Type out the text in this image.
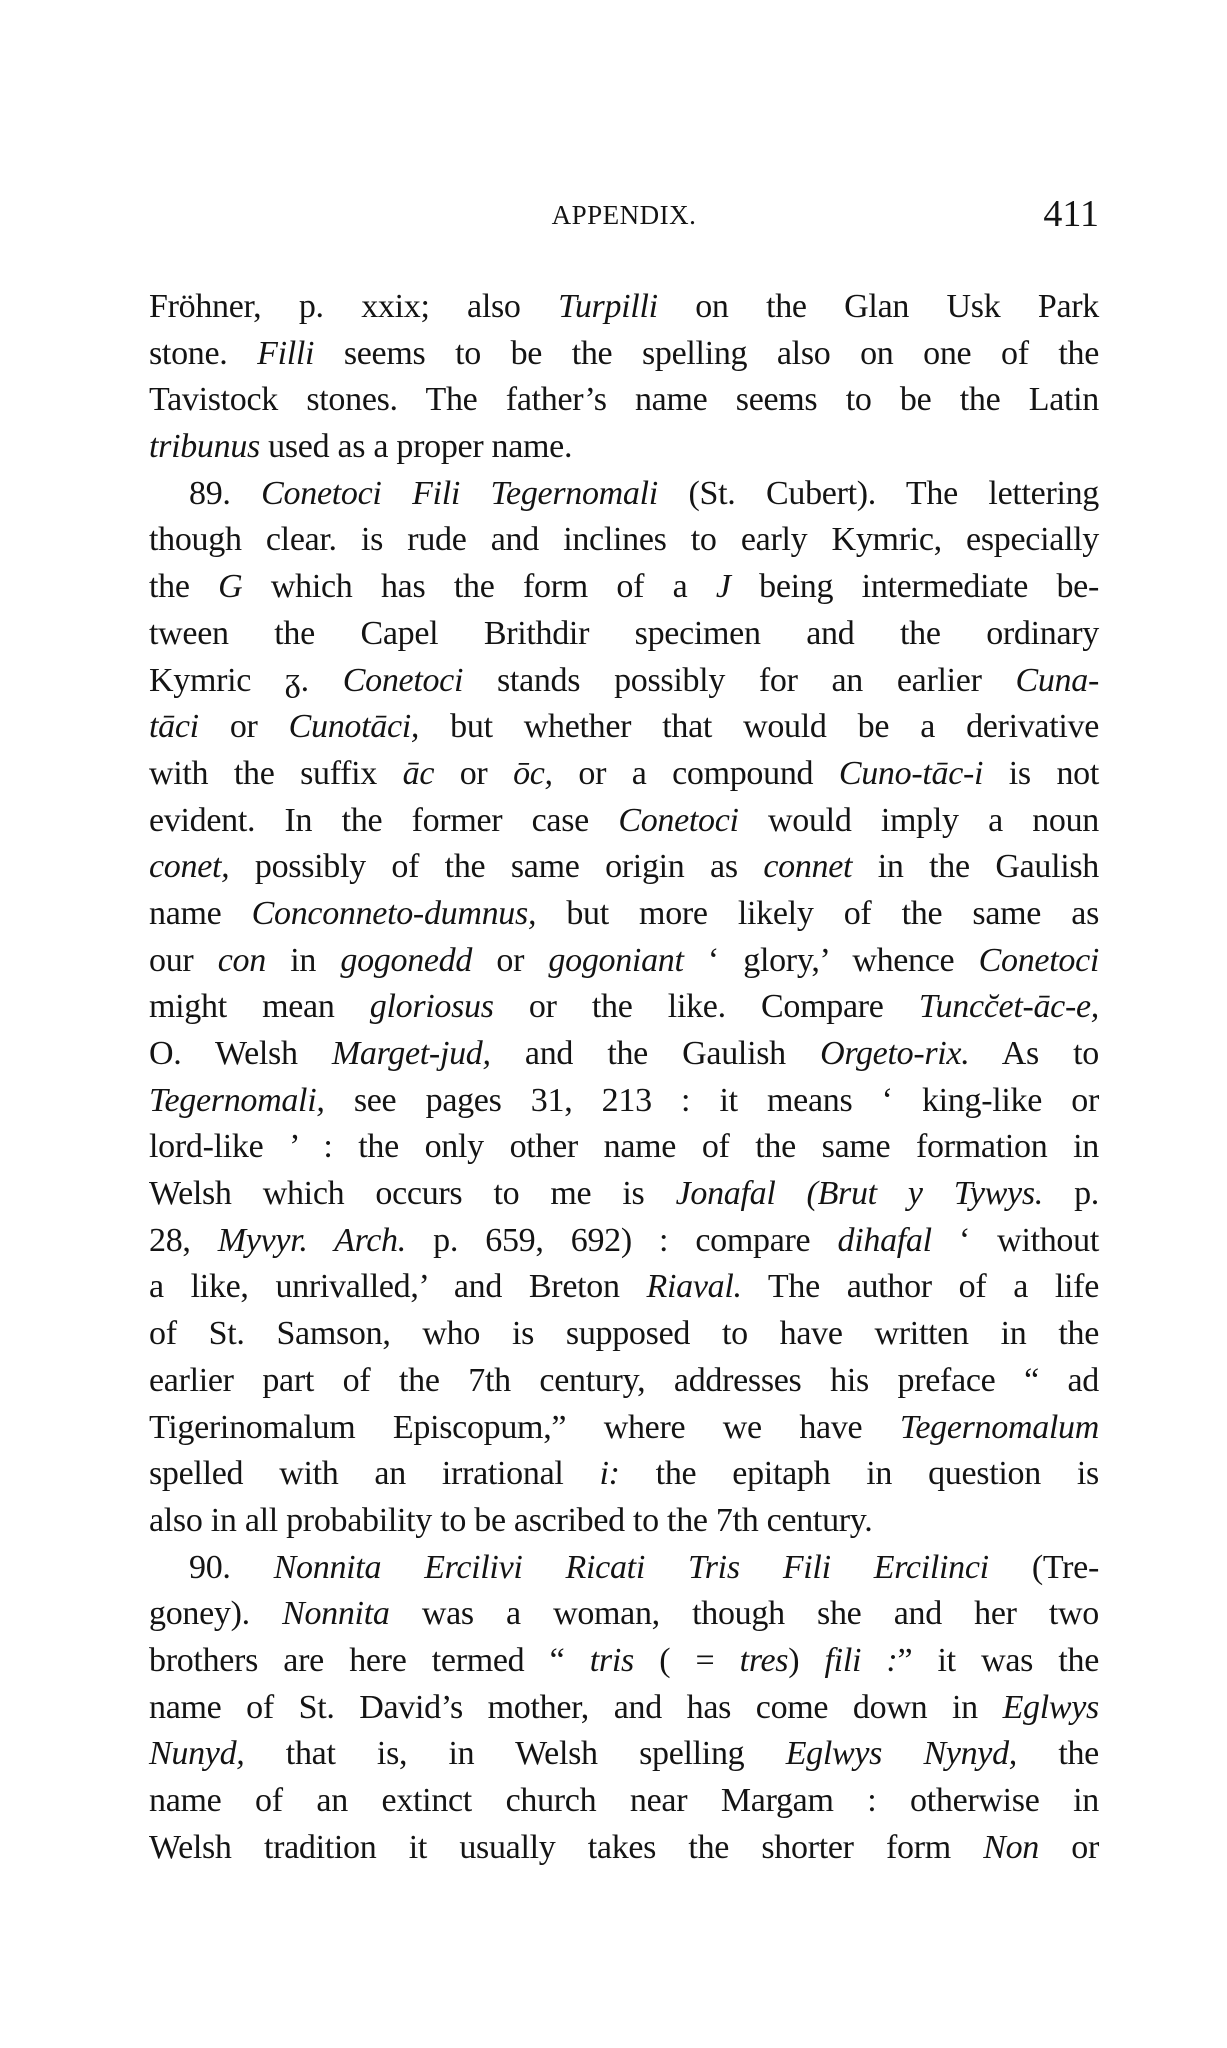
APPENDIX.	411
Fröhner, p. xxix; also Turpilli on the Glan Usk Park
stone. Filli seems to be the spelling also on one of the
Tavistock stones. The father’s name seems to be the Latin
tribunus used as a proper name.
89. Conetoci Fili Tegernomali (St. Cubert). The lettering
though clear. is rude and inclines to early Kymric, especially
the G which has the form of a J being intermediate be-
tween the Capel Brithdir specimen and the ordinary
Kymric ᵹ. Conetoci stands possibly for an earlier Cuna-
tāci or Cunotāci, but whether that would be a derivative
with the suffix āc or ōc, or a compound Cuno-tāc-i is not
evident. In the former case Conetoci would imply a noun
conet, possibly of the same origin as connet in the Gaulish
name Conconneto-dumnus, but more likely of the same as
our con in gogonedd or gogoniant ‘ glory,’ whence Conetoci
might mean gloriosus or the like. Compare Tuncc̆et-āc-e,
O. Welsh Marget-jud, and the Gaulish Orgeto-rix. As to
Tegernomali, see pages 31, 213 : it means ‘ king-like or
lord-like ’ : the only other name of the same formation in
Welsh which occurs to me is Jonafal (Brut y Tywys. p.
28, Myvyr. Arch. p. 659, 692) : compare dihafal ‘ without
a like, unrivalled,’ and Breton Riaval. The author of a life
of St. Samson, who is supposed to have written in the
earlier part of the 7th century, addresses his preface “ ad
Tigerinomalum Episcopum,” where we have Tegernomalum
spelled with an irrational i: the epitaph in question is
also in all probability to be ascribed to the 7th century.
90. Nonnita Ercilivi Ricati Tris Fili Ercilinci (Tre-
goney). Nonnita was a woman, though she and her two
brothers are here termed “ tris ( = tres) fili :” it was the
name of St. David’s mother, and has come down in Eglwys
Nunyd, that is, in Welsh spelling Eglwys Nynyd, the
name of an extinct church near Margam : otherwise in
Welsh tradition it usually takes the shorter form Non or
